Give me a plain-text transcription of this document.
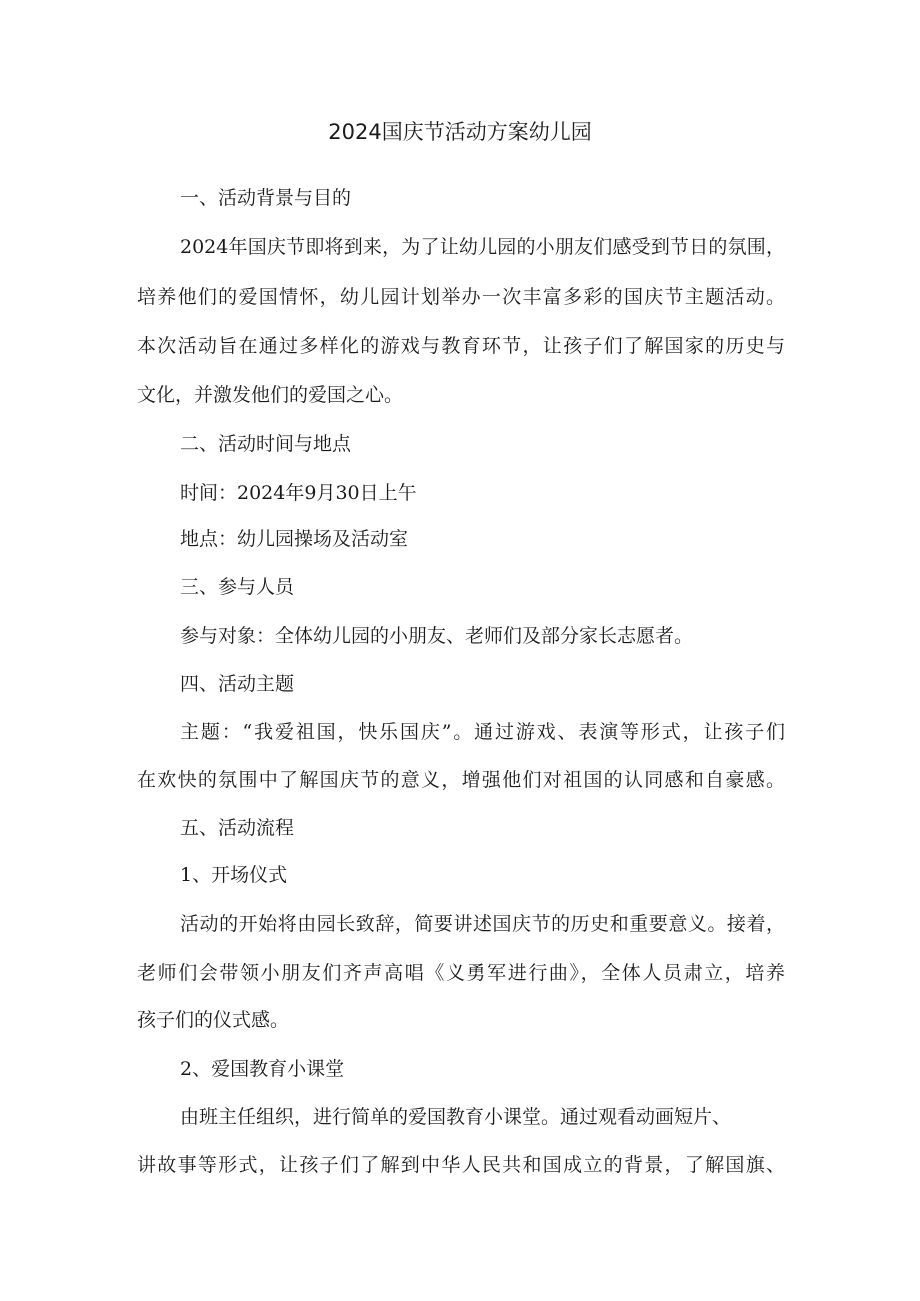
2024国庆节活动方案幼儿园
一、活动背景与目的
2024年国庆节即将到来，为了让幼儿园的小朋友们感受到节日的氛围，
培养他们的爱国情怀，幼儿园计划举办一次丰富多彩的国庆节主题活动。
本次活动旨在通过多样化的游戏与教育环节，让孩子们了解国家的历史与
文化，并激发他们的爱国之心。
二、活动时间与地点
时间：2024年9月30日上午
地点：幼儿园操场及活动室
三、参与人员
参与对象：全体幼儿园的小朋友、老师们及部分家长志愿者。
四、活动主题
主题：“我爱祖国，快乐国庆”。通过游戏、表演等形式，让孩子们
在欢快的氛围中了解国庆节的意义，增强他们对祖国的认同感和自豪感。
五、活动流程
1、开场仪式
活动的开始将由园长致辞，简要讲述国庆节的历史和重要意义。接着，
老师们会带领小朋友们齐声高唱《义勇军进行曲》，全体人员肃立，培养
孩子们的仪式感。
2、爱国教育小课堂
由班主任组织，进行简单的爱国教育小课堂。通过观看动画短片、
讲故事等形式，让孩子们了解到中华人民共和国成立的背景，了解国旗、
